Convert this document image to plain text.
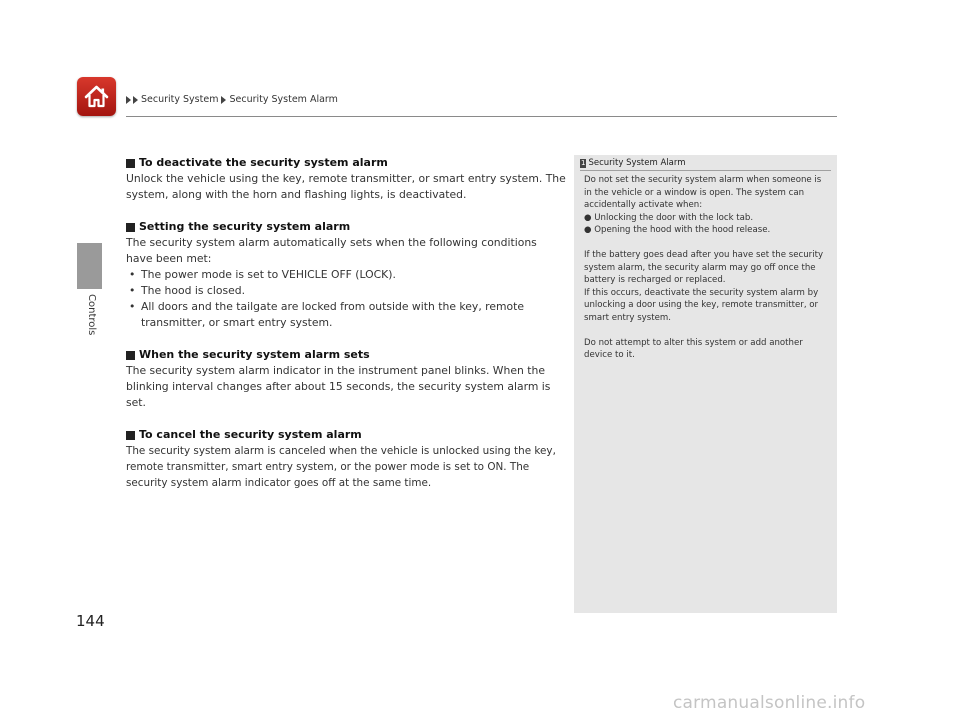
Security System Security System Alarm
Controls
To deactivate the security system alarm

Unlock the vehicle using the key, remote transmitter, or smart entry system. The system, along with the horn and flashing lights, is deactivated.

Setting the security system alarm

The security system alarm automatically sets when the following conditions have been met:

• The power mode is set to VEHICLE OFF (LOCK).
• The hood is closed.
• All doors and the tailgate are locked from outside with the key, remote transmitter, or smart entry system.
When the security system alarm sets

The security system alarm indicator in the instrument panel blinks. When the blinking interval changes after about 15 seconds, the security system alarm is set.

To cancel the security system alarm

The security system alarm is canceled when the vehicle is unlocked using the key, remote transmitter, smart entry system, or the power mode is set to ON. The security system alarm indicator goes off at the same time.

1 Security System Alarm

Do not set the security system alarm when someone is in the vehicle or a window is open. The system can accidentally activate when:

● Unlocking the door with the lock tab.

● Opening the hood with the hood release.

If the battery goes dead after you have set the security system alarm, the security alarm may go off once the battery is recharged or replaced.

If this occurs, deactivate the security system alarm by unlocking a door using the key, remote transmitter, or smart entry system.

Do not attempt to alter this system or add another device to it.

144
carmanualsonline.info
